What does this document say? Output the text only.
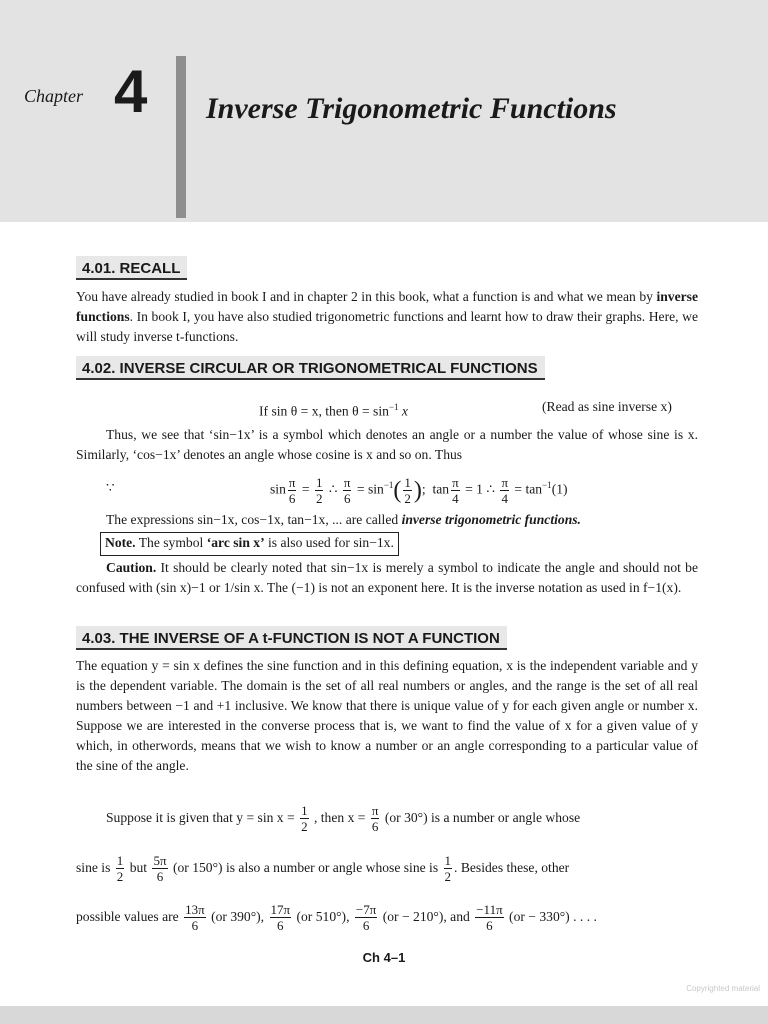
Chapter 4 Inverse Trigonometric Functions
4.01. RECALL
You have already studied in book I and in chapter 2 in this book, what a function is and what we mean by inverse functions. In book I, you have also studied trigonometric functions and learnt how to draw their graphs. Here, we will study inverse t-functions.
4.02. INVERSE CIRCULAR OR TRIGONOMETRICAL FUNCTIONS
If sin θ = x, then $\theta = \sin^{-1} x$	(Read as sine inverse x)
Thus, we see that ‘sin−1x’ is a symbol which denotes an angle or a number the value of whose sine is x. Similarly, ‘cos−1x’ denotes an angle whose cosine is x and so on. Thus
∵	$\sin \frac{\pi}{6} = \frac{1}{2}$ ∴ $\frac{\pi}{6} = \sin^{-1}( \frac{1}{2}$ ); $\tan \frac{\pi}{4} = 1$ ∴ $\frac{\pi}{4} = \tan^{-1}(1)$
The expressions sin−1x, cos−1x, tan−1x, ... are called inverse trigonometric functions.
Note. The symbol ‘arc sin x’ is also used for sin−1x.
Caution. It should be clearly noted that sin−1x is merely a symbol to indicate the angle and should not be confused with (sin x)−1 or 1/sin x. The (−1) is not an exponent here. It is the inverse notation as used in f−1(x).
4.03. THE INVERSE OF A t-FUNCTION IS NOT A FUNCTION
The equation y = sin x defines the sine function and in this defining equation, x is the independent variable and y is the dependent variable. The domain is the set of all real numbers or angles, and the range is the set of all real numbers between −1 and +1 inclusive. We know that there is unique value of y for each given angle or number x. Suppose we are interested in the converse process that is, we want to find the value of x for a given value of y which, in otherwords, means that we wish to know a number or an angle corresponding to a particular value of the sine of the angle.
Suppose it is given that $y = \sin x = \frac{1}{2}$ , then $x = \frac{\pi}{6} (or$ 30°) is a number or angle whose
sine is $\frac{1}{2}$ but $\frac{5\pi}{6} (or$ 150°) is also a number or angle whose sine is $\frac{1}{2}$ . Besides these, other
possible values are $\frac{13\pi}{6} (or$ 390°), $\frac{17\pi}{6} (or$ 510°), $\frac{-7\pi}{6} (or - 210^\circ)$, and $\frac{-11\pi}{6} (or - 330^\circ)$ . . . .
Ch 4–1
Copyrighted material
